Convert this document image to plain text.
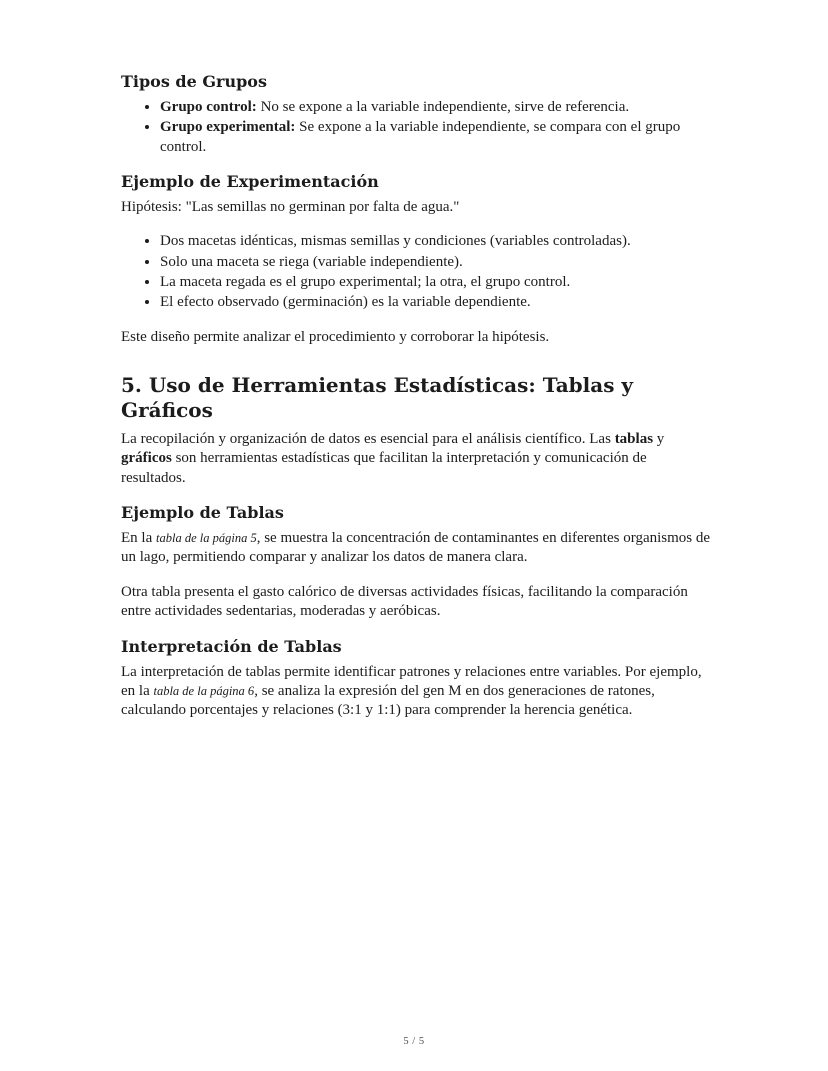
Tipos de Grupos
• Grupo control: No se expone a la variable independiente, sirve de referencia.
• Grupo experimental: Se expone a la variable independiente, se compara con el grupo control.
Ejemplo de Experimentación

Hipótesis: "Las semillas no germinan por falta de agua."

• Dos macetas idénticas, mismas semillas y condiciones (variables controladas).
• Solo una maceta se riega (variable independiente).
• La maceta regada es el grupo experimental; la otra, el grupo control.
• El efecto observado (germinación) es la variable dependiente.

Este diseño permite analizar el procedimiento y corroborar la hipótesis.

5. Uso de Herramientas Estadísticas: Tablas y Gráficos

La recopilación y organización de datos es esencial para el análisis científico. Las tablas y gráficos son herramientas estadísticas que facilitan la interpretación y comunicación de resultados.

Ejemplo de Tablas

En la tabla de la página 5, se muestra la concentración de contaminantes en diferentes organismos de un lago, permitiendo comparar y analizar los datos de manera clara.

Otra tabla presenta el gasto calórico de diversas actividades físicas, facilitando la comparación entre actividades sedentarias, moderadas y aeróbicas.

Interpretación de Tablas

La interpretación de tablas permite identificar patrones y relaciones entre variables. Por ejemplo, en la tabla de la página 6, se analiza la expresión del gen M en dos generaciones de ratones, calculando porcentajes y relaciones (3:1 y 1:1) para comprender la herencia genética.

5 / 5
